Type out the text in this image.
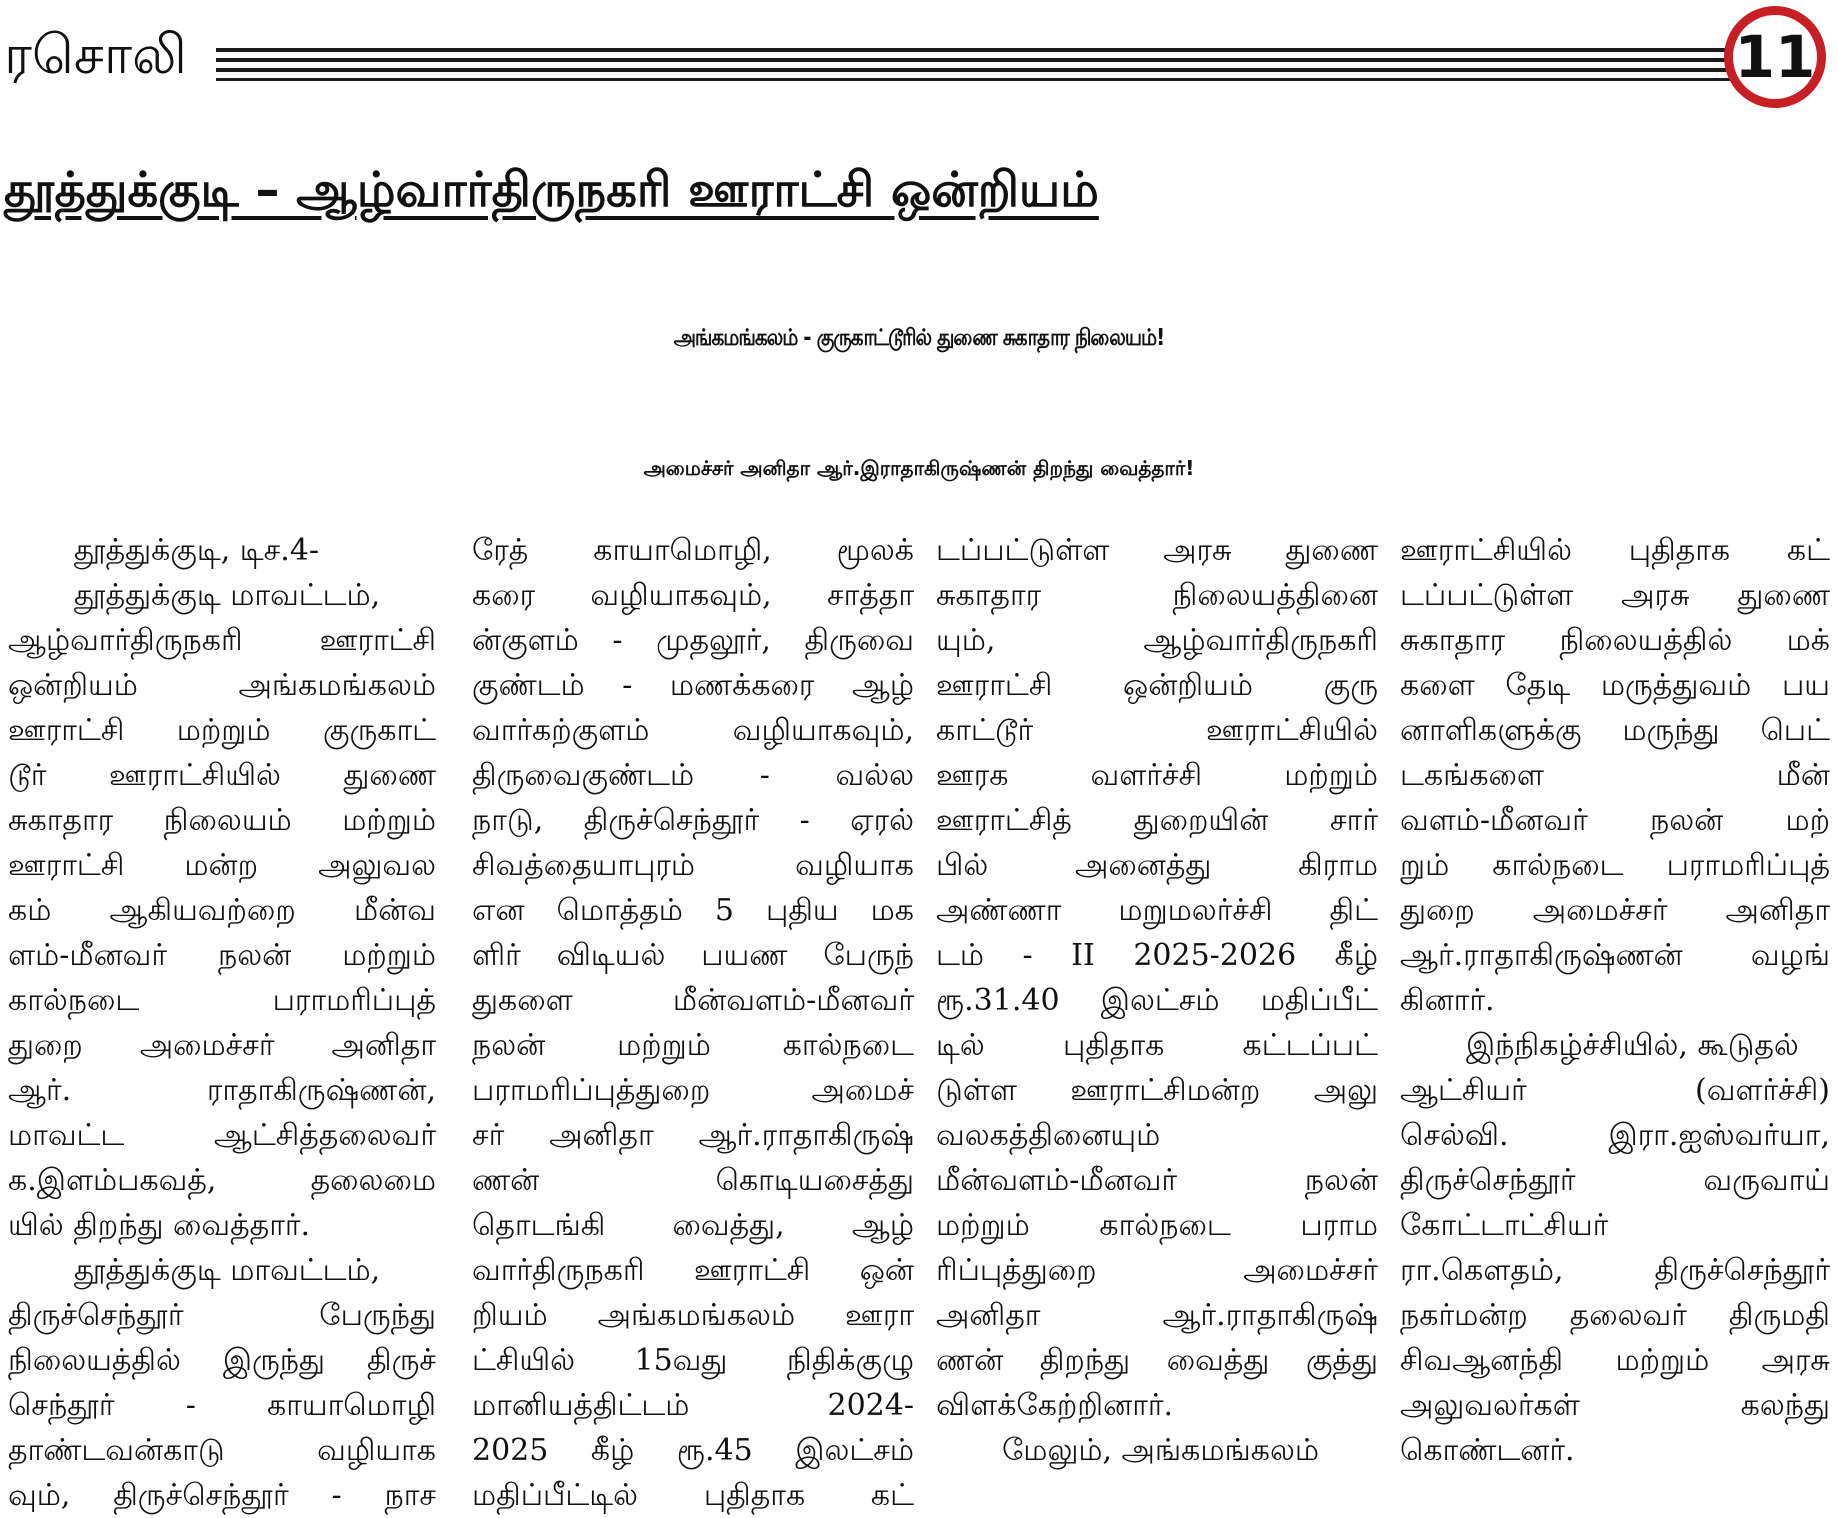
ரசொலி	11
தூத்துக்குடி – ஆழ்வார்திருநகரி ஊராட்சி ஒன்றியம்
அங்கமங்கலம் - குருகாட்டூரில் துணை சுகாதார நிலையம்!
அமைச்சர் அனிதா ஆர்.இராதாகிருஷ்ணன் திறந்து வைத்தார்!
தூத்துக்குடி, டிச.4-
தூத்துக்குடி மாவட்டம்,
ஆழ்வார்திருநகரி ஊராட்சி
ஒன்றியம் அங்கமங்கலம்
ஊராட்சி மற்றும் குருகாட்
டூர் ஊராட்சியில் துணை
சுகாதார நிலையம் மற்றும்
ஊராட்சி மன்ற அலுவல
கம் ஆகியவற்றை மீன்வ
ளம்-மீனவர் நலன் மற்றும்
கால்நடை பராமரிப்புத்
துறை அமைச்சர் அனிதா
ஆர். ராதாகிருஷ்ணன்,
மாவட்ட ஆட்சித்தலைவர்
க.இளம்பகவத், தலைமை
யில் திறந்து வைத்தார்.
தூத்துக்குடி மாவட்டம்,
திருச்செந்தூர் பேருந்து
நிலையத்தில் இருந்து திருச்
செந்தூர் - காயாமொழி
தாண்டவன்காடு வழியாக
வும், திருச்செந்தூர் - நாச
ரேத் காயாமொழி, மூலக்
கரை வழியாகவும், சாத்தா
ன்குளம் - முதலூர், திருவை
குண்டம் - மணக்கரை ஆழ்
வார்கற்குளம் வழியாகவும்,
திருவைகுண்டம் - வல்ல
நாடு, திருச்செந்தூர் - ஏரல்
சிவத்தையாபுரம் வழியாக
என மொத்தம் 5 புதிய மக
ளிர் விடியல் பயண பேருந்
துகளை மீன்வளம்-மீனவர்
நலன் மற்றும் கால்நடை
பராமரிப்புத்துறை அமைச்
சர் அனிதா ஆர்.ராதாகிருஷ்
ணன் கொடியசைத்து
தொடங்கி வைத்து, ஆழ்
வார்திருநகரி ஊராட்சி ஒன்
றியம் அங்கமங்கலம் ஊரா
ட்சியில் 15வது நிதிக்குழு
மானியத்திட்டம் 2024-
2025 கீழ் ரூ.45 இலட்சம்
மதிப்பீட்டில் புதிதாக கட்
டப்பட்டுள்ள அரசு துணை
சுகாதார நிலையத்தினை
யும், ஆழ்வார்திருநகரி
ஊராட்சி ஒன்றியம் குரு
காட்டூர் ஊராட்சியில்
ஊரக வளர்ச்சி மற்றும்
ஊராட்சித் துறையின் சார்
பில் அனைத்து கிராம
அண்ணா மறுமலர்ச்சி திட்
டம் - II 2025-2026 கீழ்
ரூ.31.40 இலட்சம் மதிப்பீட்
டில் புதிதாக கட்டப்பட்
டுள்ள ஊராட்சிமன்ற அலு
வலகத்தினையும்
மீன்வளம்-மீனவர் நலன்
மற்றும் கால்நடை பராம
ரிப்புத்துறை அமைச்சர்
அனிதா ஆர்.ராதாகிருஷ்
ணன் திறந்து வைத்து குத்து
விளக்கேற்றினார்.
மேலும், அங்கமங்கலம்
ஊராட்சியில் புதிதாக கட்
டப்பட்டுள்ள அரசு துணை
சுகாதார நிலையத்தில் மக்
களை தேடி மருத்துவம் பய
னாளிகளுக்கு மருந்து பெட்
டகங்களை மீன்
வளம்-மீனவர் நலன் மற்
றும் கால்நடை பராமரிப்புத்
துறை அமைச்சர் அனிதா
ஆர்.ராதாகிருஷ்ணன் வழங்
கினார்.
இந்நிகழ்ச்சியில், கூடுதல்
ஆட்சியர் (வளர்ச்சி)
செல்வி. இரா.ஐஸ்வர்யா,
திருச்செந்தூர் வருவாய்
கோட்டாட்சியர்
ரா.கௌதம், திருச்செந்தூர்
நகர்மன்ற தலைவர் திருமதி
சிவஆனந்தி மற்றும் அரசு
அலுவலர்கள் கலந்து
கொண்டனர்.
